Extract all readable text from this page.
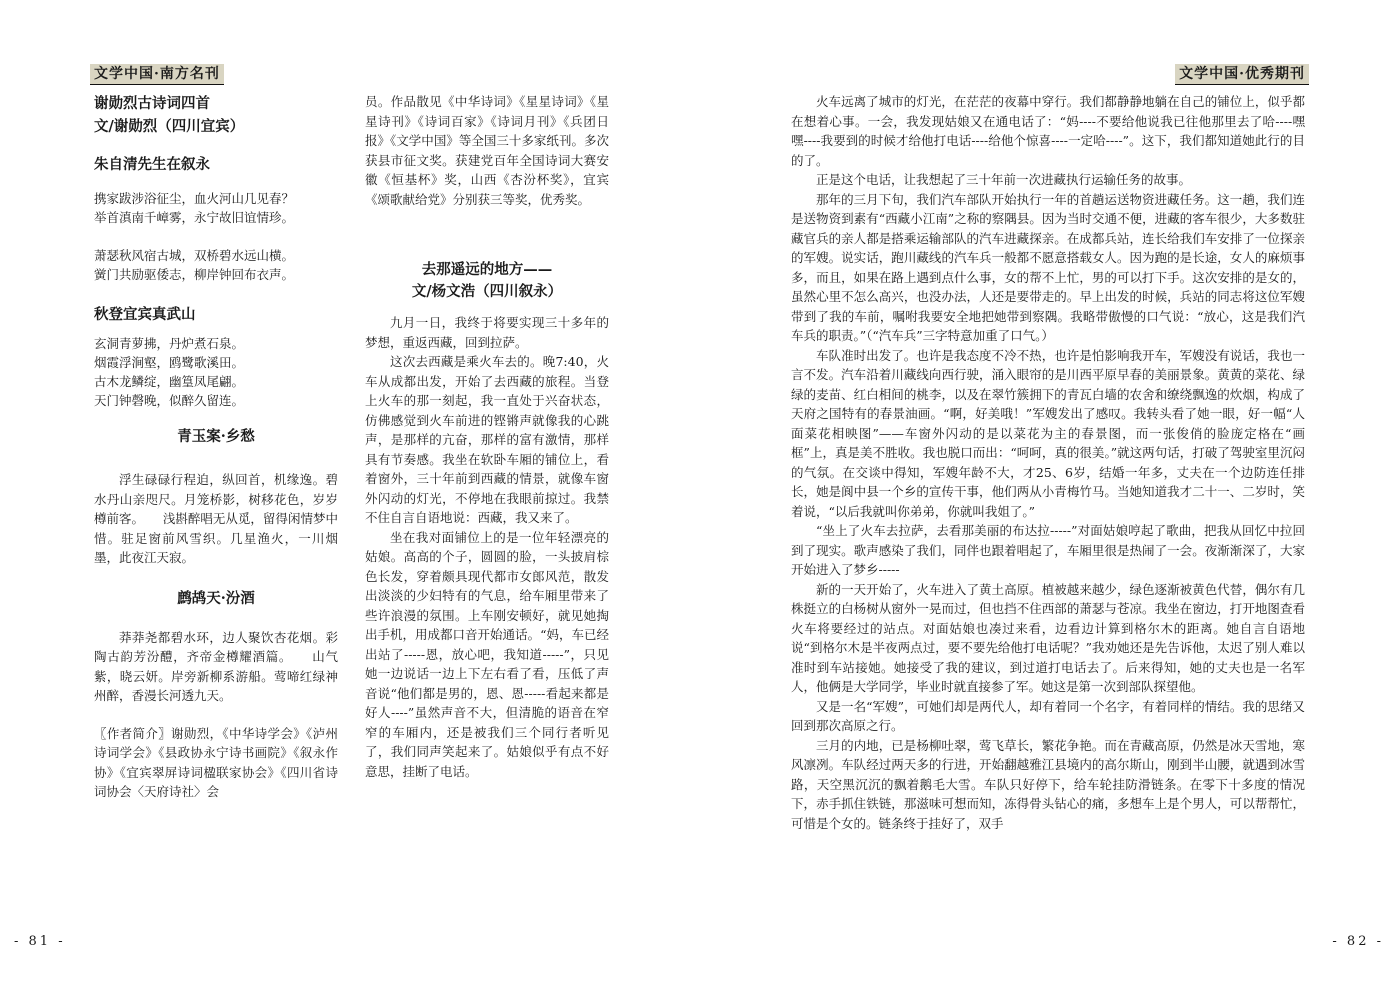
文学中国·南方名刊

谢勋烈古诗词四首

文/谢勋烈（四川宜宾）

朱自清先生在叙永

携家跋涉浴征尘，血火河山几见春？

举首滇南千嶂雾，永宁故旧谊情珍。

萧瑟秋风宿古城，双桥碧水远山横。

黉门共励驱倭志，柳岸钟回布衣声。

秋登宜宾真武山

玄洞青萝拂，丹炉煮石泉。

烟霞浮涧壑，鸥鹭歌溪田。

古木龙鳞绽，幽篁凤尾翩。

天门钟磬晚，似醉久留连。

青玉案·乡愁

浮生碌碌行程迫，纵回首，机缘逸。碧水丹山亲咫尺。月笼桥影，树移花色，岁岁樽前客。　　浅斟醉唱无从觅，留得闲情梦中惜。驻足窗前风雪织。几星渔火，一川烟墨，此夜江天寂。

鹧鸪天·汾酒

莽莽尧都碧水环，边人聚饮杏花烟。彩陶古韵芳汾醴，齐帝金樽耀酒篇。　　山气紫，晓云妍。岸旁新柳系游船。莺啼红绿神州醉，香漫长河透九天。

〖作者简介〗谢勋烈，《中华诗学会》《泸州诗词学会》《县政协永宁诗书画院》《叙永作协》《宜宾翠屏诗词楹联家协会》《四川省诗词协会〈天府诗社〉会

员。作品散见《中华诗词》《星星诗词》《星星诗刊》《诗词百家》《诗词月刊》《兵团日报》《文学中国》等全国三十多家纸刊。多次获县市征文奖。获建党百年全国诗词大赛安徽《恒基杯》奖，山西《杏汾杯奖》，宜宾《颂歌献给党》分别获三等奖，优秀奖。

去那遥远的地方——

文/杨文浩（四川叙永）

九月一日，我终于将要实现三十多年的梦想，重返西藏，回到拉萨。

这次去西藏是乘火车去的。晚7:40，火车从成都出发，开始了去西藏的旅程。当登上火车的那一刻起，我一直处于兴奋状态，仿佛感觉到火车前进的铿锵声就像我的心跳声，是那样的亢奋，那样的富有激情，那样具有节奏感。我坐在软卧车厢的铺位上，看着窗外，三十年前到西藏的情景，就像车窗外闪动的灯光，不停地在我眼前掠过。我禁不住自言自语地说：西藏，我又来了。

坐在我对面铺位上的是一位年轻漂亮的姑娘。高高的个子，圆圆的脸，一头披肩棕色长发，穿着颇具现代都市女郎风范，散发出淡淡的少妇特有的气息，给车厢里带来了些许浪漫的氛围。上车刚安顿好，就见她掏出手机，用成都口音开始通话。“妈，车已经出站了-----恩，放心吧，我知道-----”，只见她一边说话一边上下左右看了看，压低了声音说“他们都是男的，恩、恩-----看起来都是好人----”虽然声音不大，但清脆的语音在窄窄的车厢内，还是被我们三个同行者听见了，我们同声笑起来了。姑娘似乎有点不好意思，挂断了电话。

- 81 -
文学中国·优秀期刊

火车远离了城市的灯光，在茫茫的夜幕中穿行。我们都静静地躺在自己的铺位上，似乎都在想着心事。一会，我发现姑娘又在通电话了：“妈----不要给他说我已往他那里去了哈----嘿嘿----我要到的时候才给他打电话----给他个惊喜----一定哈----”。这下，我们都知道她此行的目的了。

正是这个电话，让我想起了三十年前一次进藏执行运输任务的故事。

那年的三月下旬，我们汽车部队开始执行一年的首趟运送物资进藏任务。这一趟，我们连是送物资到素有“西藏小江南”之称的察隅县。因为当时交通不便，进藏的客车很少，大多数驻藏官兵的亲人都是搭乘运输部队的汽车进藏探亲。在成都兵站，连长给我们车安排了一位探亲的军嫂。说实话，跑川藏线的汽车兵一般都不愿意搭载女人。因为跑的是长途，女人的麻烦事多，而且，如果在路上遇到点什么事，女的帮不上忙，男的可以打下手。这次安排的是女的，虽然心里不怎么高兴，也没办法，人还是要带走的。早上出发的时候，兵站的同志将这位军嫂带到了我的车前，嘱咐我要安全地把她带到察隅。我略带傲慢的口气说：“放心，这是我们汽车兵的职责。”（“汽车兵”三字特意加重了口气。）

车队准时出发了。也许是我态度不冷不热，也许是怕影响我开车，军嫂没有说话，我也一言不发。汽车沿着川藏线向西行驶，涌入眼帘的是川西平原早春的美丽景象。黄黄的菜花、绿绿的麦苗、红白相间的桃李，以及在翠竹簇拥下的青瓦白墙的农舍和缭绕飘逸的炊烟，构成了天府之国特有的春景油画。“啊，好美哦！”军嫂发出了感叹。我转头看了她一眼，好一幅“人面菜花相映图”——车窗外闪动的是以菜花为主的春景图，而一张俊俏的脸庞定格在“画框”上，真是美不胜收。我也脱口而出：“呵呵，真的很美。”就这两句话，打破了驾驶室里沉闷的气氛。在交谈中得知，军嫂年龄不大，才25、6岁，结婚一年多，丈夫在一个边防连任排长，她是阆中县一个乡的宣传干事，他们两从小青梅竹马。当她知道我才二十一、二岁时，笑着说，“以后我就叫你弟弟，你就叫我姐了。”

“坐上了火车去拉萨，去看那美丽的布达拉-----”对面姑娘哼起了歌曲，把我从回忆中拉回到了现实。歌声感染了我们，同伴也跟着唱起了，车厢里很是热闹了一会。夜渐渐深了，大家开始进入了梦乡-----

新的一天开始了，火车进入了黄土高原。植被越来越少，绿色逐渐被黄色代替，偶尔有几株挺立的白杨树从窗外一晃而过，但也挡不住西部的萧瑟与苍凉。我坐在窗边，打开地图查看火车将要经过的站点。对面姑娘也凑过来看，边看边计算到格尔木的距离。她自言自语地说“到格尔木是半夜两点过，要不要先给他打电话呢？”我劝她还是先告诉他，太迟了别人难以准时到车站接她。她接受了我的建议，到过道打电话去了。后来得知，她的丈夫也是一名军人，他俩是大学同学，毕业时就直接参了军。她这是第一次到部队探望他。

又是一名“军嫂”，可她们却是两代人，却有着同一个名字，有着同样的情结。我的思绪又回到那次高原之行。

三月的内地，已是杨柳吐翠，莺飞草长，繁花争艳。而在青藏高原，仍然是冰天雪地，寒风凛冽。车队经过两天多的行进，开始翻越雅江县境内的高尔斯山，刚到半山腰，就遇到冰雪路，天空黑沉沉的飘着鹅毛大雪。车队只好停下，给车轮挂防滑链条。在零下十多度的情况下，赤手抓住铁链，那滋味可想而知，冻得骨头钻心的痛，多想车上是个男人，可以帮帮忙，可惜是个女的。链条终于挂好了，双手

- 82 -
